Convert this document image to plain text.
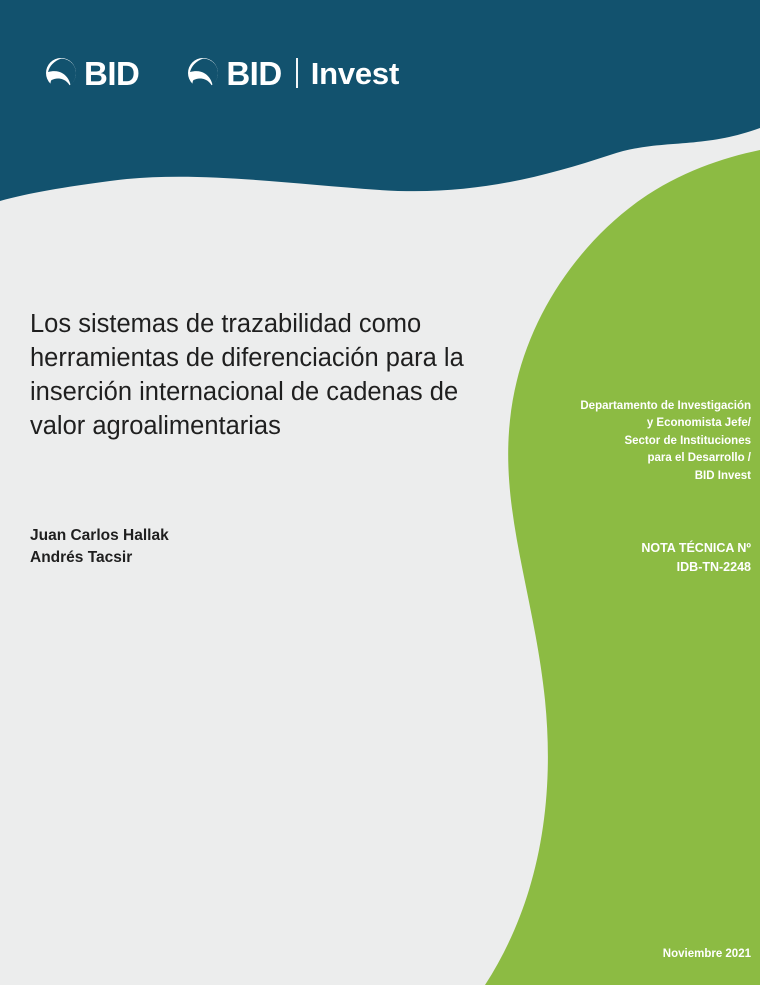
BID	BID Invest
Los sistemas de trazabilidad como herramientas de diferenciación para la inserción internacional de cadenas de valor agroalimentarias
Juan Carlos Hallak
Andrés Tacsir
Departamento de Investigación
y Economista Jefe/
Sector de Instituciones
para el Desarrollo /
BID Invest
NOTA TÉCNICA Nº
IDB-TN-2248
Noviembre 2021
